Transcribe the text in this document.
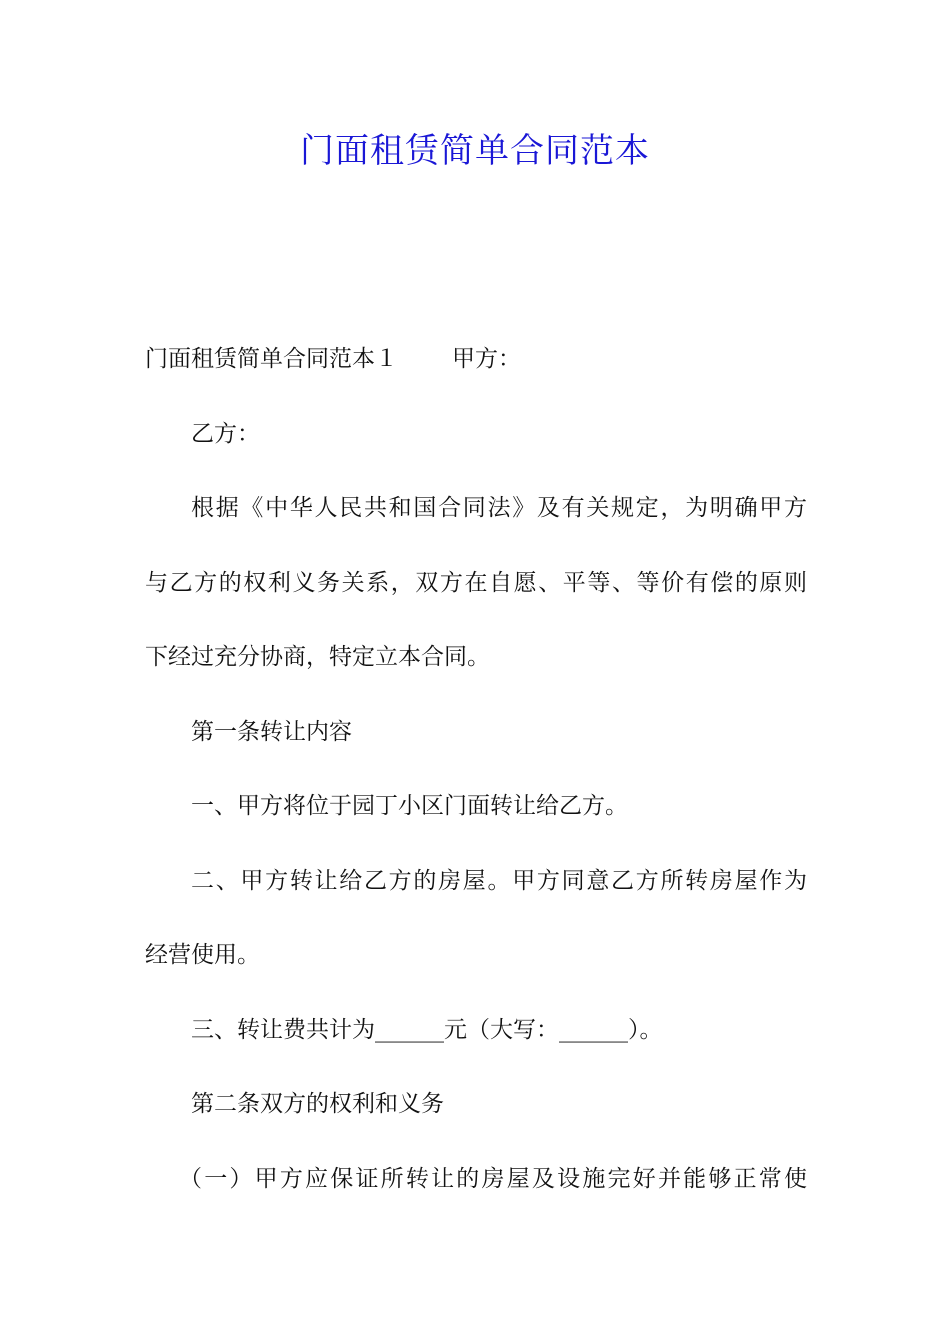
门面租赁简单合同范本
门面租赁简单合同范本１ 甲方：
乙方：
根据《中华人民共和国合同法》及有关规定，为明确甲方
与乙方的权利义务关系，双方在自愿、平等、等价有偿的原则
下经过充分协商，特定立本合同。
第一条转让内容
一、甲方将位于园丁小区门面转让给乙方。
二、甲方转让给乙方的房屋。甲方同意乙方所转房屋作为
经营使用。
三、转让费共计为______元（大写：______）。
第二条双方的权利和义务
（一）甲方应保证所转让的房屋及设施完好并能够正常使
